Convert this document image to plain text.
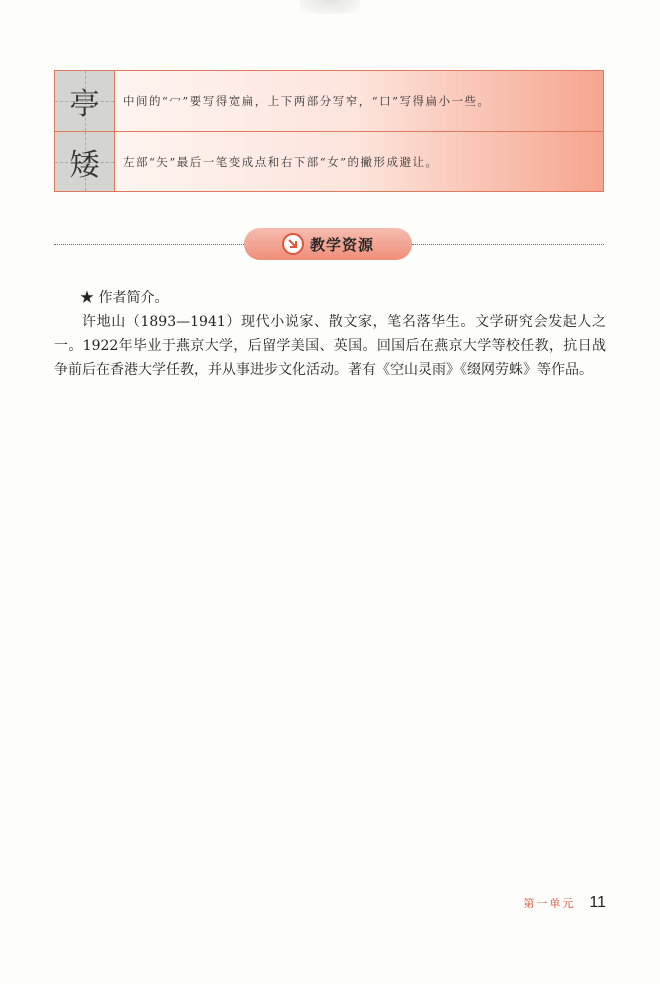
亭	中间的“冖”要写得宽扁，上下两部分写窄，“口”写得扁小一些。
矮	左部“矢”最后一笔变成点和右下部“女”的撇形成避让。
教学资源

★ 作者简介。

许地山（1893—1941）现代小说家、散文家，笔名落华生。文学研究会发起人之一。1922年毕业于燕京大学，后留学美国、英国。回国后在燕京大学等校任教，抗日战争前后在香港大学任教，并从事进步文化活动。著有《空山灵雨》《缀网劳蛛》等作品。

第一单元 11
